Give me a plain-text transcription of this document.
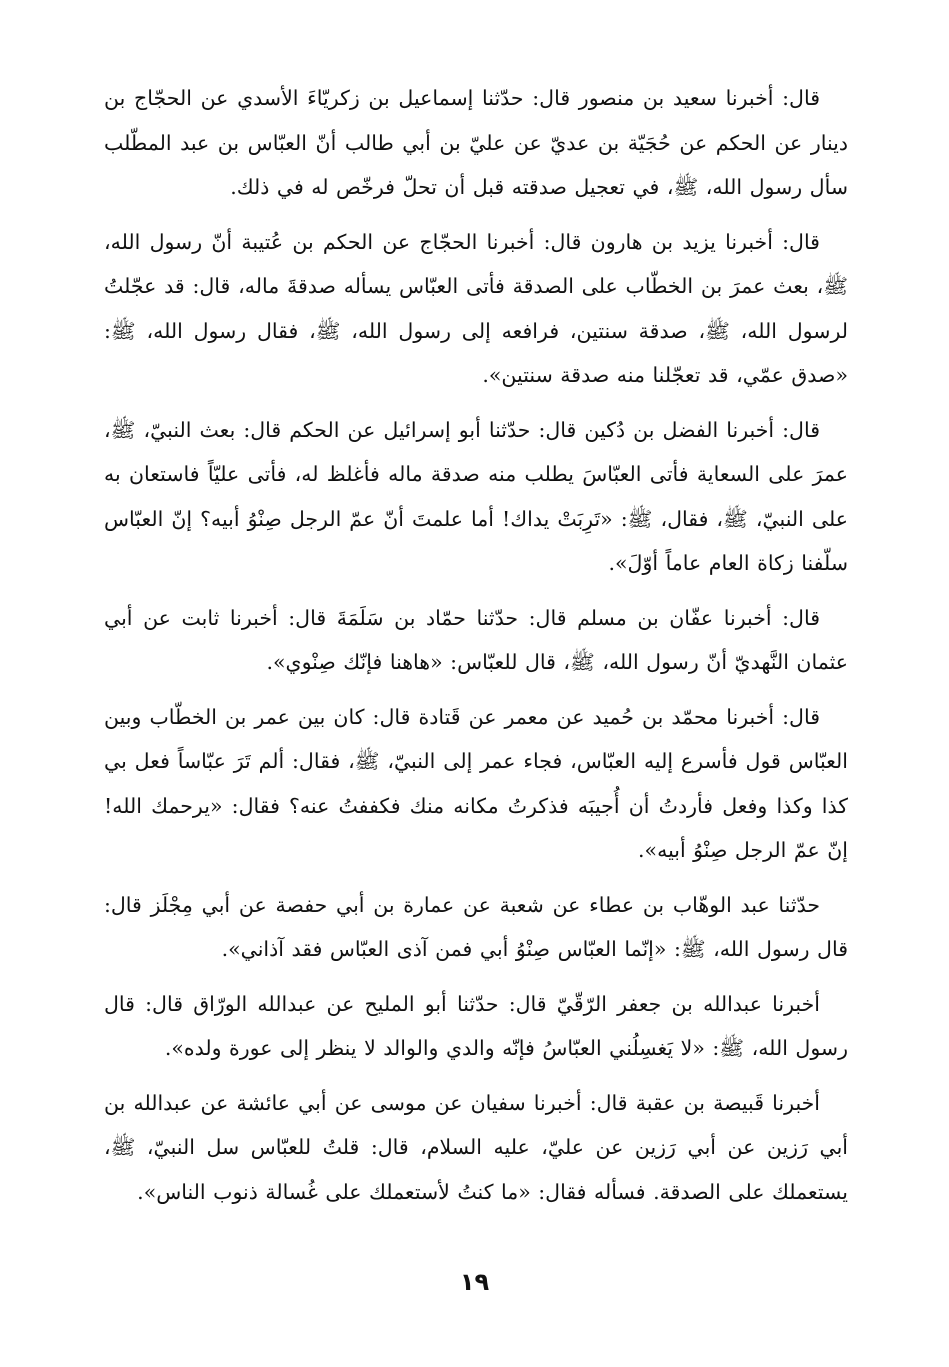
قال: أخبرنا سعيد بن منصور قال: حدّثنا إسماعيل بن زكريّاءَ الأسدي عن الحجّاج بن دينار عن الحكم عن حُجَيّة بن عديّ عن عليّ بن أبي طالب أنّ العبّاس بن عبد المطّلب سأل رسول الله، ﷺ، في تعجيل صدقته قبل أن تحلّ فرخّص له في ذلك.

قال: أخبرنا يزيد بن هارون قال: أخبرنا الحجّاج عن الحكم بن عُتيبة أنّ رسول الله، ﷺ، بعث عمرَ بن الخطّاب على الصدقة فأتى العبّاس يسأله صدقةَ ماله، قال: قد عجّلتُ لرسول الله، ﷺ، صدقة سنتين، فرافعه إلى رسول الله، ﷺ، فقال رسول الله، ﷺ: «صدق عمّي، قد تعجّلنا منه صدقة سنتين».

قال: أخبرنا الفضل بن دُكين قال: حدّثنا أبو إسرائيل عن الحكم قال: بعث النبيّ، ﷺ، عمرَ على السعاية فأتى العبّاسَ يطلب منه صدقة ماله فأغلظ له، فأتى عليّاً فاستعان به على النبيّ، ﷺ، فقال، ﷺ: «تَرِبَتْ يداك! أما علمتَ أنّ عمّ الرجل صِنْوُ أبيه؟ إنّ العبّاس سلّفنا زكاة العام عاماً أوّلَ».

قال: أخبرنا عفّان بن مسلم قال: حدّثنا حمّاد بن سَلَمَةَ قال: أخبرنا ثابت عن أبي عثمان النَّهديّ أنّ رسول الله، ﷺ، قال للعبّاس: «هاهنا فإنّك صِنْوي».

قال: أخبرنا محمّد بن حُميد عن معمر عن قَتادة قال: كان بين عمر بن الخطّاب وبين العبّاس قول فأسرع إليه العبّاس، فجاء عمر إلى النبيّ، ﷺ، فقال: ألم تَرَ عبّاساً فعل بي كذا وكذا وفعل فأردتُ أن أُجيبَه فذكرتُ مكانه منك فكففتُ عنه؟ فقال: «يرحمك الله! إنّ عمّ الرجل صِنْوُ أبيه».

حدّثنا عبد الوهّاب بن عطاء عن شعبة عن عمارة بن أبي حفصة عن أبي مِجْلَز قال: قال رسول الله، ﷺ: «إنّما العبّاس صِنْوُ أبي فمن آذى العبّاس فقد آذاني».

أخبرنا عبدالله بن جعفر الرّقّيّ قال: حدّثنا أبو المليح عن عبدالله الورّاق قال: قال رسول الله، ﷺ: «لا يَغسِلُني العبّاسُ فإنّه والدي والوالد لا ينظر إلى عورة ولده».

أخبرنا قَبيصة بن عقبة قال: أخبرنا سفيان عن موسى عن أبي عائشة عن عبدالله بن أبي رَزين عن أبي رَزين عن عليّ، عليه السلام، قال: قلتُ للعبّاس سل النبيّ، ﷺ، يستعملك على الصدقة. فسأله فقال: «ما كنتُ لأستعملك على غُسالة ذنوب الناس».

١٩
